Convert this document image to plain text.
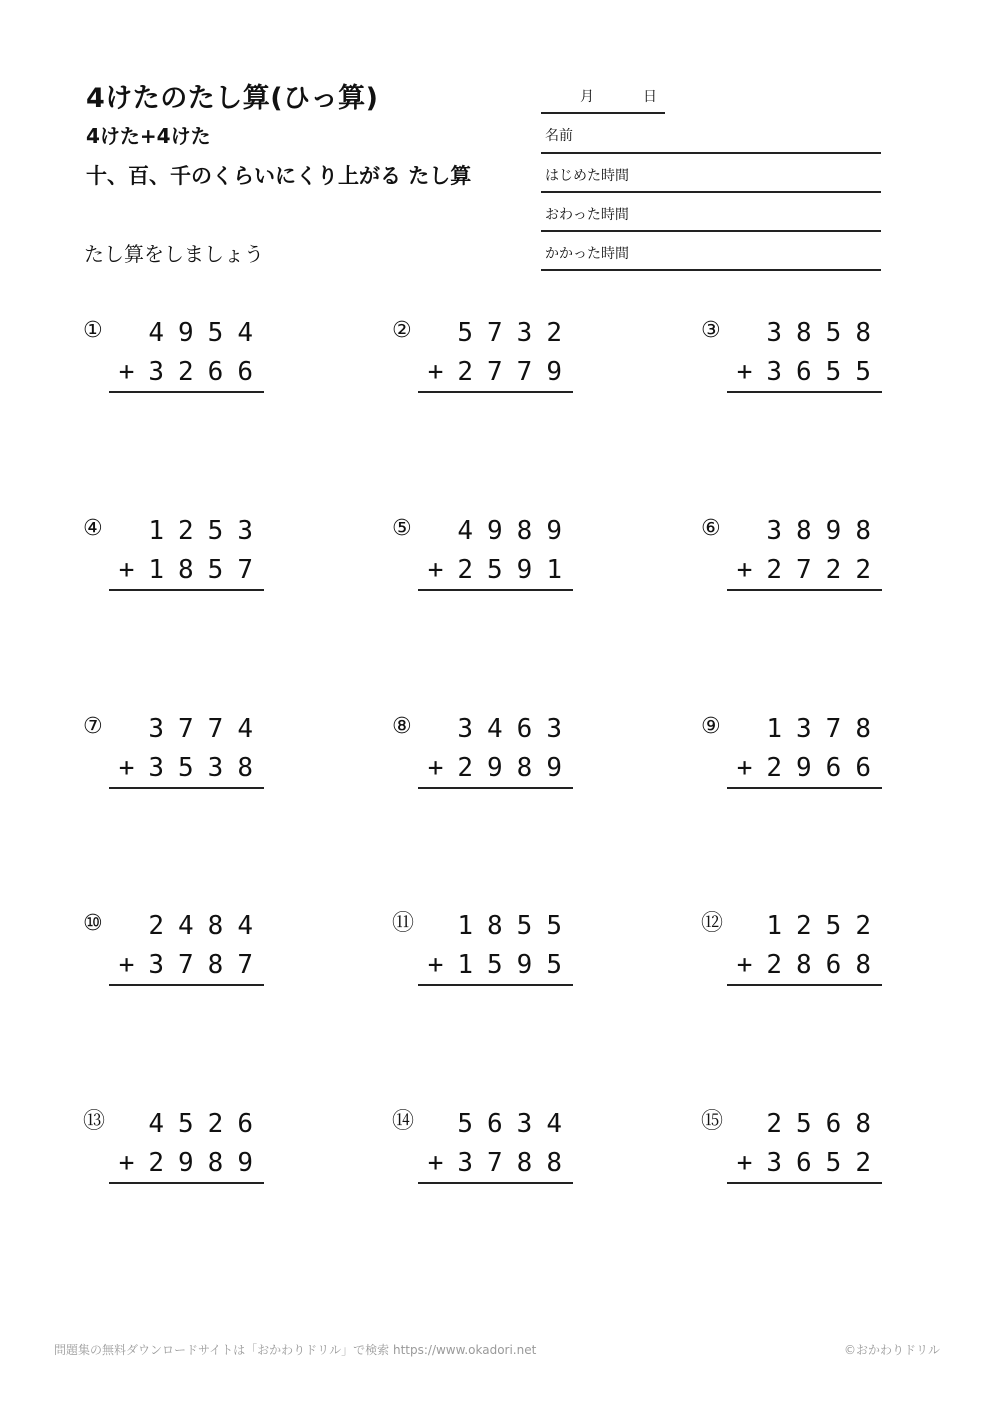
4けたのたし算(ひっ算)
4けた+4けた
十、百、千のくらいにくり上がる たし算
たし算をしましょう
月	日
名前
はじめた時間
おわった時間
かかった時間
① 4954
+3266
② 5732
+2779
③ 3858
+3655
④ 1253
+1857
⑤ 4989
+2591
⑥ 3898
+2722
⑦ 3774
+3538
⑧ 3463
+2989
⑨ 1378
+2966
⑩ 2484
+3787
⑪ 1855
+1595
⑫ 1252
+2868
⑬ 4526
+2989
⑭ 5634
+3788
⑮ 2568
+3652
問題集の無料ダウンロードサイトは「おかわりドリル」で検索 https://www.okadori.net	©おかわりドリル
